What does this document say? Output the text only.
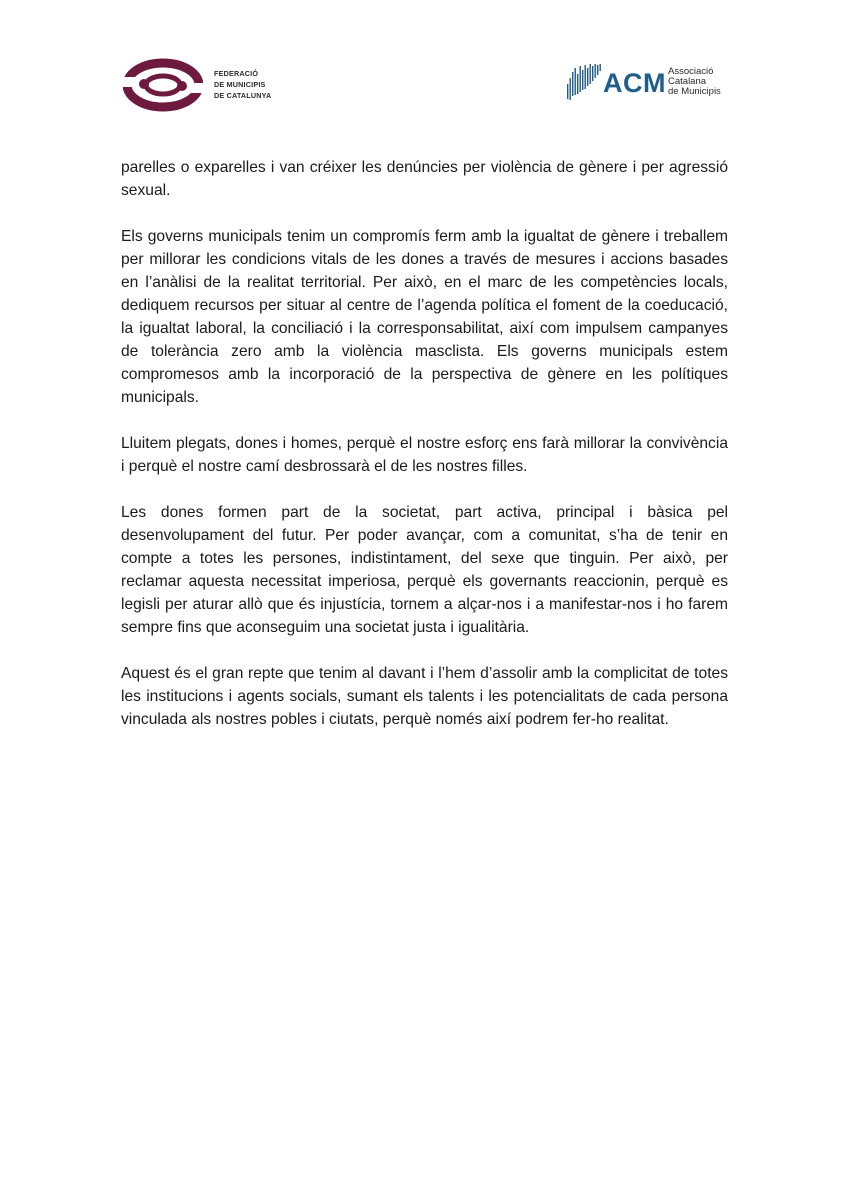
FEDERACIÓ
DE MUNICIPIS
DE CATALUNYA	ACM Associació
Catalana
de Municipis

parelles o exparelles i van créixer les denúncies per violència de gènere i per agressió sexual.

Els governs municipals tenim un compromís ferm amb la igualtat de gènere i treballem per millorar les condicions vitals de les dones a través de mesures i accions basades en l’anàlisi de la realitat territorial. Per això, en el marc de les competències locals, dediquem recursos per situar al centre de l’agenda política el foment de la coeducació, la igualtat laboral, la conciliació i la corresponsabilitat, així com impulsem campanyes de tolerància zero amb la violència masclista. Els governs municipals estem compromesos amb la incorporació de la perspectiva de gènere en les polítiques municipals.

Lluitem plegats, dones i homes, perquè el nostre esforç ens farà millorar la convivència i perquè el nostre camí desbrossarà el de les nostres filles.

Les dones formen part de la societat, part activa, principal i bàsica pel desenvolupament del futur. Per poder avançar, com a comunitat, s’ha de tenir en compte a totes les persones, indistintament, del sexe que tinguin. Per això, per reclamar aquesta necessitat imperiosa, perquè els governants reaccionin, perquè es legisli per aturar allò que és injustícia, tornem a alçar-nos i a manifestar-nos i ho farem sempre fins que aconseguim una societat justa i igualitària.

Aquest és el gran repte que tenim al davant i l’hem d’assolir amb la complicitat de totes les institucions i agents socials, sumant els talents i les potencialitats de cada persona vinculada als nostres pobles i ciutats, perquè només així podrem fer-ho realitat.
